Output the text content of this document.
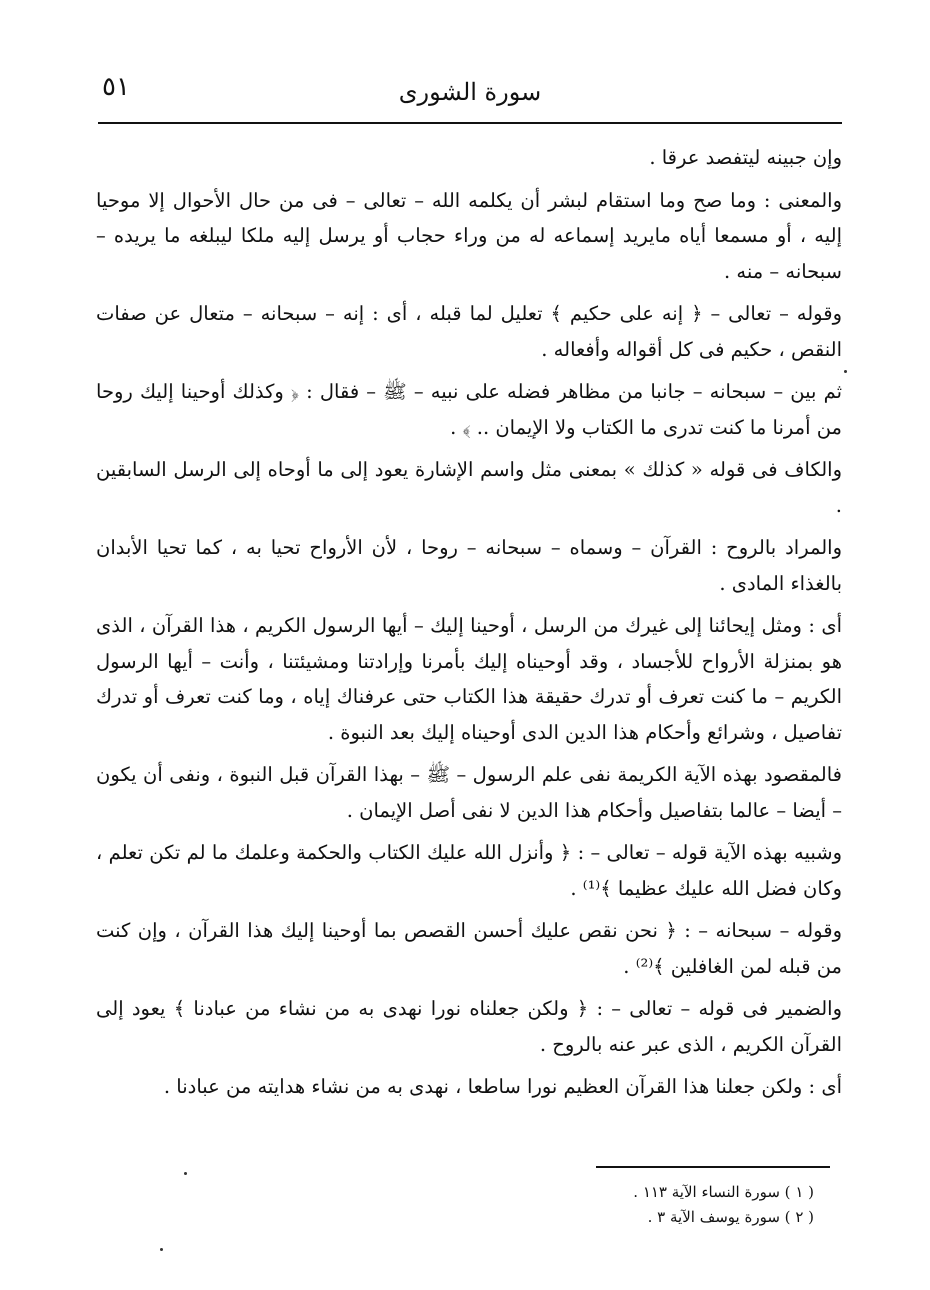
٥١	سورة الشورى

وإن جبينه ليتفصد عرقا .

والمعنى : وما صح وما استقام لبشر أن يكلمه الله – تعالى – فى من حال الأحوال إلا موحيا إليه ، أو مسمعا أياه مايريد إسماعه له من وراء حجاب أو يرسل إليه ملكا ليبلغه ما يريده – سبحانه – منه .

وقوله – تعالى – ﴿ إنه على حكيم ﴾ تعليل لما قبله ، أى : إنه – سبحانه – متعال عن صفات النقص ، حكيم فى كل أقواله وأفعاله .

ثم بين – سبحانه – جانبا من مظاهر فضله على نبيه – ﷺ – فقال : ﴿ وكذلك أوحينا إليك روحا من أمرنا ما كنت تدرى ما الكتاب ولا الإيمان .. ﴾ .

والكاف فى قوله « كذلك » بمعنى مثل واسم الإشارة يعود إلى ما أوحاه إلى الرسل السابقين .

والمراد بالروح : القرآن – وسماه – سبحانه – روحا ، لأن الأرواح تحيا به ، كما تحيا الأبدان بالغذاء المادى .

أى : ومثل إيحائنا إلى غيرك من الرسل ، أوحينا إليك – أيها الرسول الكريم ، هذا القرآن ، الذى هو بمنزلة الأرواح للأجساد ، وقد أوحيناه إليك بأمرنا وإرادتنا ومشيئتنا ، وأنت – أيها الرسول الكريم – ما كنت تعرف أو تدرك حقيقة هذا الكتاب حتى عرفناك إياه ، وما كنت تعرف أو تدرك تفاصيل ، وشرائع وأحكام هذا الدين الدى أوحيناه إليك بعد النبوة .

فالمقصود بهذه الآية الكريمة نفى علم الرسول – ﷺ – بهذا القرآن قبل النبوة ، ونفى أن يكون – أيضا – عالما بتفاصيل وأحكام هذا الدين لا نفى أصل الإيمان .

وشبيه بهذه الآية قوله – تعالى – : ﴿ وأنزل الله عليك الكتاب والحكمة وعلمك ما لم تكن تعلم ، وكان فضل الله عليك عظيما ﴾⁽¹⁾ .

وقوله – سبحانه – : ﴿ نحن نقص عليك أحسن القصص بما أوحينا إليك هذا القرآن ، وإن كنت من قبله لمن الغافلين ﴾⁽²⁾ .

والضمير فى قوله – تعالى – : ﴿ ولكن جعلناه نورا نهدى به من نشاء من عبادنا ﴾ يعود إلى القرآن الكريم ، الذى عبر عنه بالروح .

أى : ولكن جعلنا هذا القرآن العظيم نورا ساطعا ، نهدى به من نشاء هدايته من عبادنا .

( ١ ) سورة النساء الآية ١١٣ .
( ٢ ) سورة يوسف الآية ٣ .
